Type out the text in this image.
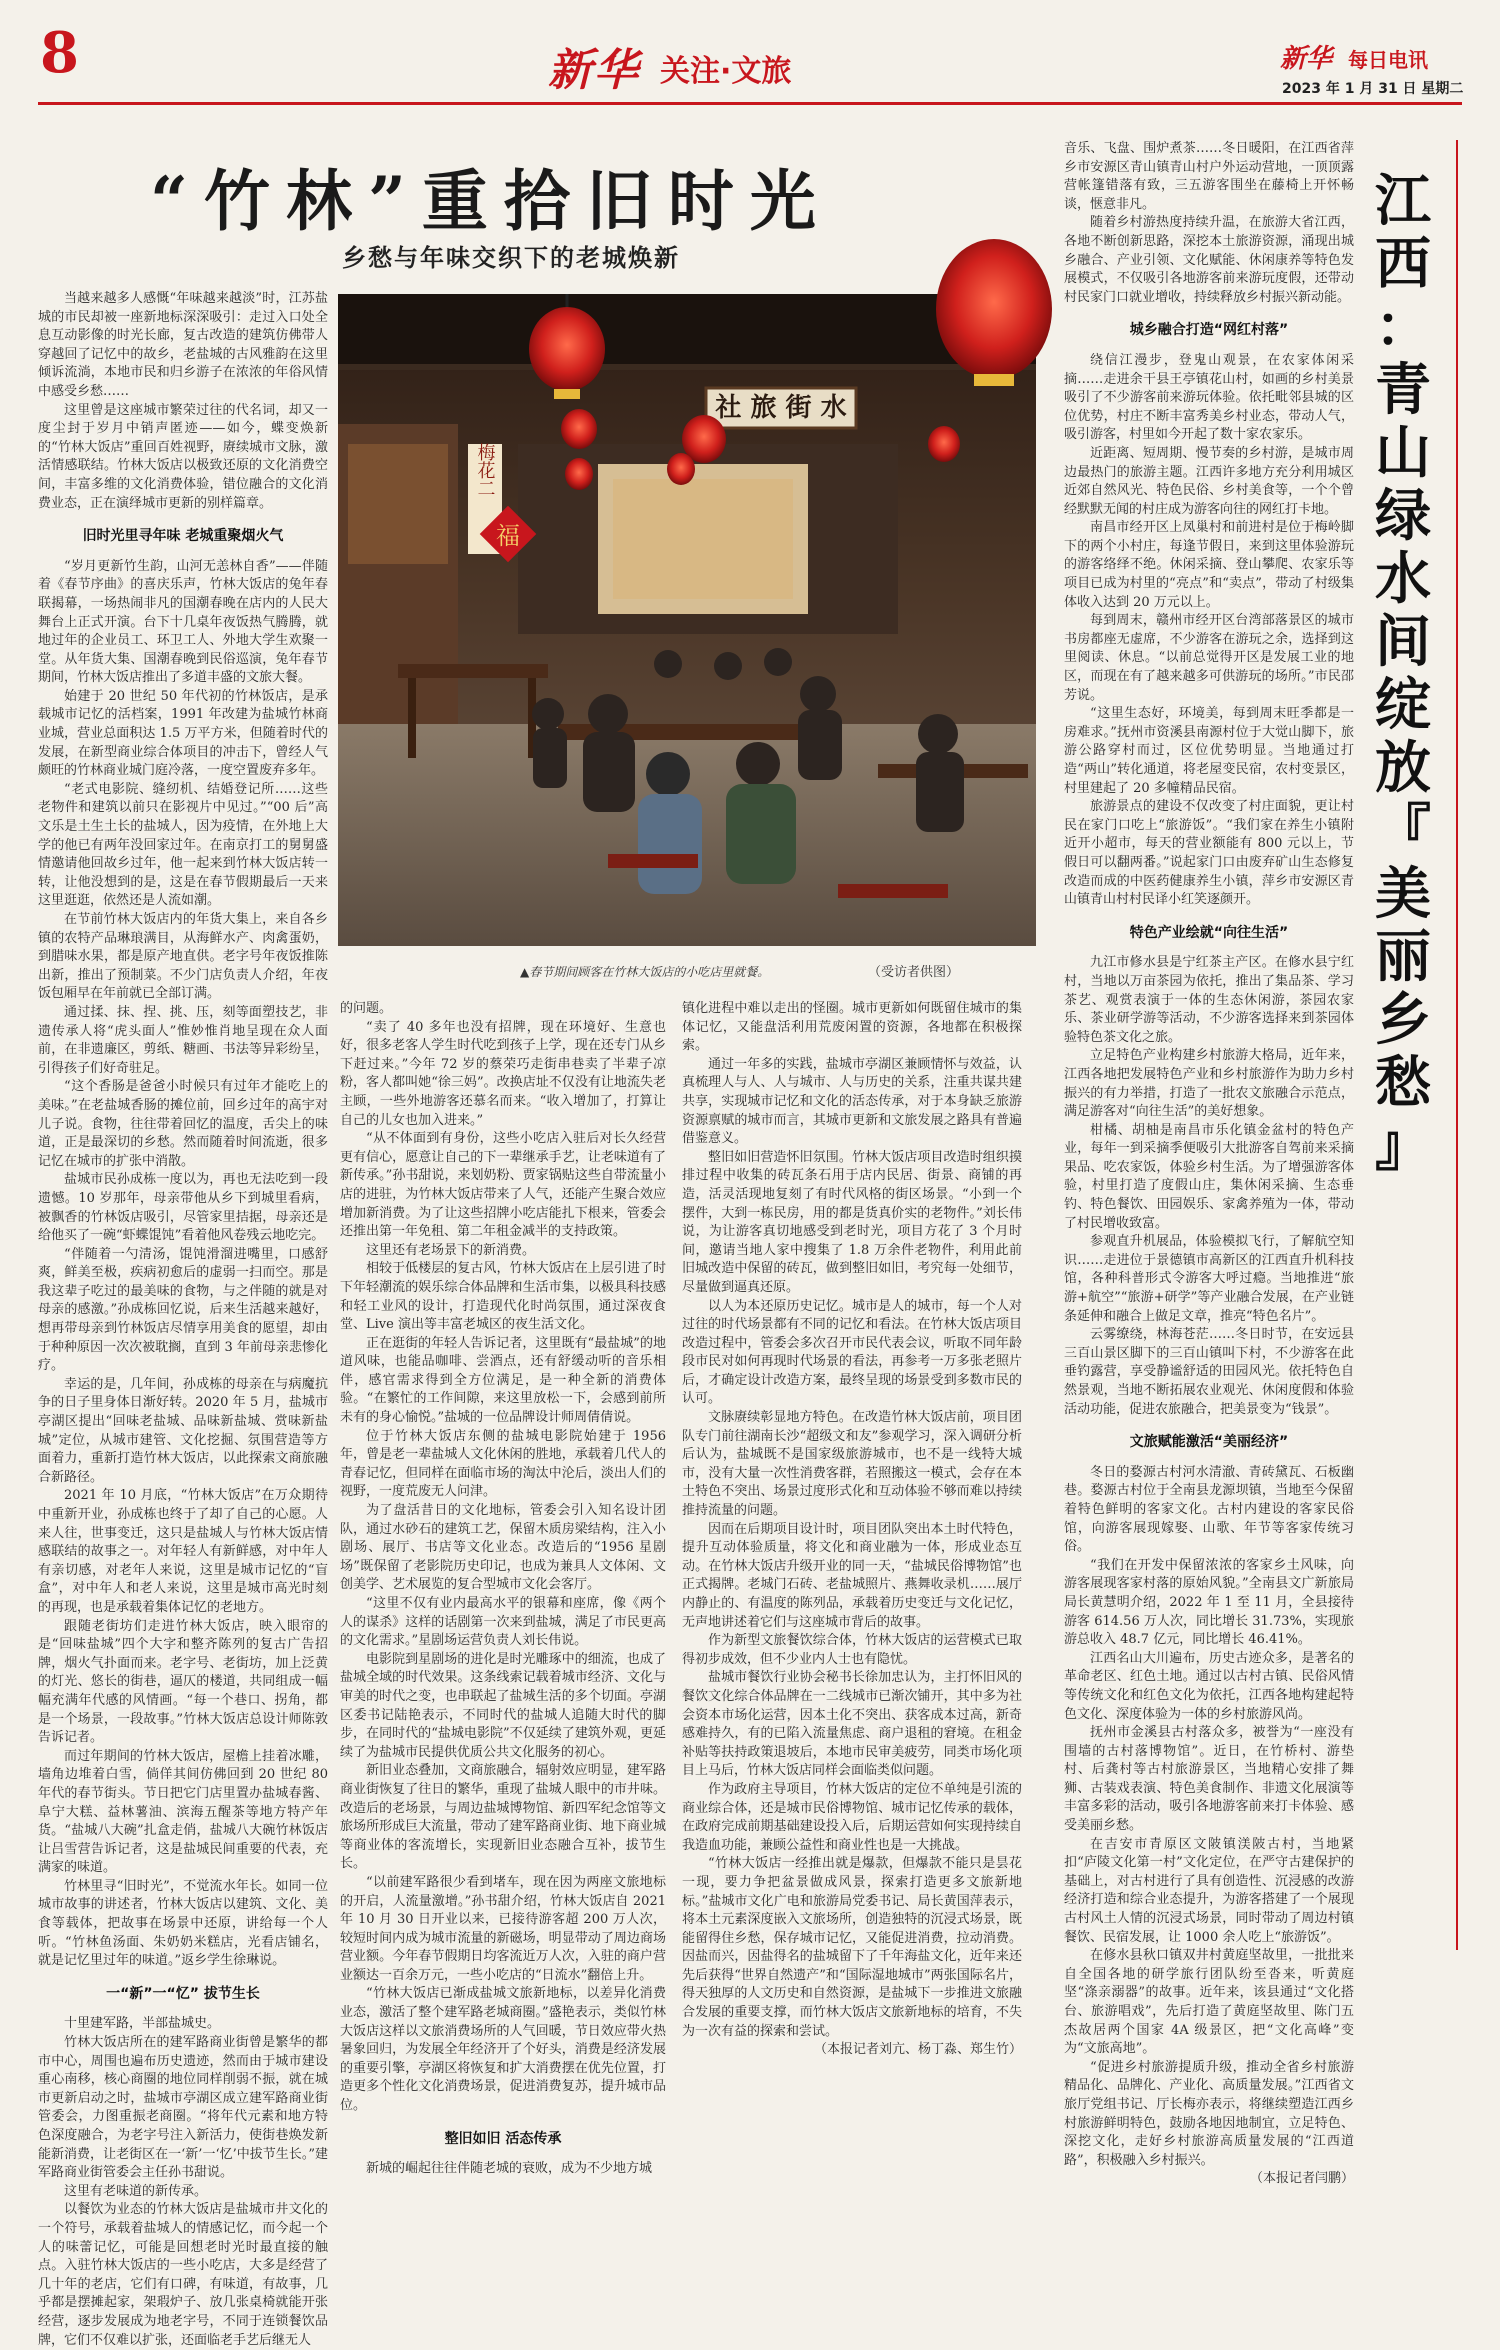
8	新华 关注·文旅	新华 每日电讯
2023 年 1 月 31 日 星期二
“竹林”重拾旧时光
乡愁与年味交织下的老城焕新
社 旅 街 水
梅花二
福
▲春节期间顾客在竹林大饭店的小吃店里就餐。	（受访者供图）

当越来越多人感慨“年味越来越淡”时，江苏盐城的市民却被一座新地标深深吸引：走过入口处全息互动影像的时光长廊，复古改造的建筑仿佛带人穿越回了记忆中的故乡，老盐城的古风雅韵在这里倾诉流淌，本地市民和归乡游子在浓浓的年俗风情中感受乡愁……

这里曾是这座城市繁荣过往的代名词，却又一度尘封于岁月中销声匿迹——如今，蝶变焕新的“竹林大饭店”重回百姓视野，赓续城市文脉，激活情感联结。竹林大饭店以极致还原的文化消费空间，丰富多维的文化消费体验，错位融合的文化消费业态，正在演绎城市更新的别样篇章。

旧时光里寻年味 老城重聚烟火气

“岁月更新竹生韵，山河无恙林自香”——伴随着《春节序曲》的喜庆乐声，竹林大饭店的兔年春联揭幕，一场热闹非凡的国潮春晚在店内的人民大舞台上正式开演。台下十几桌年夜饭热气腾腾，就地过年的企业员工、环卫工人、外地大学生欢聚一堂。从年货大集、国潮春晚到民俗巡演，兔年春节期间，竹林大饭店推出了多道丰盛的文旅大餐。

始建于 20 世纪 50 年代初的竹林饭店，是承载城市记忆的活档案，1991 年改建为盐城竹林商业城，营业总面积达 1.5 万平方米，但随着时代的发展，在新型商业综合体项目的冲击下，曾经人气颇旺的竹林商业城门庭冷落，一度空置废弃多年。

“老式电影院、缝纫机、结婚登记所……这些老物件和建筑以前只在影视片中见过。”“00 后”高文乐是土生土长的盐城人，因为疫情，在外地上大学的他已有两年没回家过年。在南京打工的舅舅盛情邀请他回故乡过年，他一起来到竹林大饭店转一转，让他没想到的是，这是在春节假期最后一天来这里逛逛，依然还是人流如潮。

在节前竹林大饭店内的年货大集上，来自各乡镇的农特产品琳琅满目，从海鲜水产、肉禽蛋奶，到腊味水果，都是原产地直供。老字号年夜饭推陈出新，推出了预制菜。不少门店负责人介绍，年夜饭包厢早在年前就已全部订满。

通过揉、抹、捏、挑、压，刻等面塑技艺，非遗传承人将“虎头面人”惟妙惟肖地呈现在众人面前，在非遗廉区，剪纸、糖画、书法等异彩纷呈，引得孩子们好奇驻足。

“这个香肠是爸爸小时候只有过年才能吃上的美味。”在老盐城香肠的摊位前，回乡过年的高宇对儿子说。食物，往往带着回忆的温度，舌尖上的味道，正是最深切的乡愁。然而随着时间流逝，很多记忆在城市的扩张中消散。

盐城市民孙成栋一度以为，再也无法吃到一段遗憾。10 岁那年，母亲带他从乡下到城里看病，被飘香的竹林饭店吸引，尽管家里拮据，母亲还是给他买了一碗“虾蝶馄饨”看着他风卷残云地吃完。

“伴随着一勺清汤，馄饨滑溜进嘴里，口感舒爽，鲜美至极，疾病初愈后的虚弱一扫而空。那是我这辈子吃过的最美味的食物，与之伴随的就是对母亲的感激。”孙成栋回忆说，后来生活越来越好，想再带母亲到竹林饭店尽情享用美食的愿望，却由于种种原因一次次被耽搁，直到 3 年前母亲悲惨化疗。

幸运的是，几年间，孙成栋的母亲在与病魔抗争的日子里身体日渐好转。2020 年 5 月，盐城市亭湖区提出“回味老盐城、品味新盐城、赏味新盐城”定位，从城市建管、文化挖掘、氛围营造等方面着力，重新打造竹林大饭店，以此探索文商旅融合新路径。

2021 年 10 月底，“竹林大饭店”在万众期待中重新开业，孙成栋也终于了却了自己的心愿。人来人往，世事变迁，这只是盐城人与竹林大饭店情感联结的故事之一。对年轻人有新鲜感，对中年人有亲切感，对老年人来说，这里是城市记忆的“盲盒”，对中年人和老人来说，这里是城市高光时刻的再现，也是承载着集体记忆的老地方。

跟随老街坊们走进竹林大饭店，映入眼帘的是“回味盐城”四个大字和整齐陈列的复古广告招牌，烟火气扑面而来。老字号、老街坊，加上泛黄的灯光、悠长的街巷，逼仄的楼道，共同组成一幅幅充满年代感的风情画。“每一个巷口、拐角，都是一个场景，一段故事。”竹林大饭店总设计师陈敦告诉记者。

而过年期间的竹林大饭店，屋檐上挂着冰雕，墙角边堆着白雪，倘佯其间仿佛回到 20 世纪 80 年代的春节街头。节日把它门店里置办盐城春酱、阜宁大糕、益林薯油、滨海五醒茶等地方特产年货。“盐城八大碗”扎盒走俏，盐城八大碗竹林饭店让吕雪营告诉记者，这是盐城民间重要的代表，充满家的味道。

竹林里寻“旧时光”，不觉流水年长。如同一位城市故事的讲述者，竹林大饭店以建筑、文化、美食等载体，把故事在场景中还原，讲给每一个人听。“竹林鱼汤面、朱奶奶米糕店，光看店铺名，就是记忆里过年的味道。”返乡学生徐琳说。

一“新”一“忆” 拔节生长

十里建军路，半部盐城史。

竹林大饭店所在的建军路商业街曾是繁华的都市中心，周围也遍布历史遗迹，然而由于城市建设重心南移，核心商圈的地位同样削弱不振，就在城市更新启动之时，盐城市亭湖区成立建军路商业街管委会，力图重振老商圈。“将年代元素和地方特色深度融合，为老字号注入新活力，使街巷焕发新能新消费，让老街区在一‘新’一‘忆’中拔节生长。”建军路商业街管委会主任孙书甜说。

这里有老味道的新传承。

以餐饮为业态的竹林大饭店是盐城市井文化的一个符号，承载着盐城人的情感记忆，而今起一个人的味蕾记忆，可能是回想老时光时最直接的触点。入驻竹林大饭店的一些小吃店，大多是经营了几十年的老店，它们有口碑，有味道，有故事，几乎都是摆摊起家，架瑕炉子、放几张桌椅就能开张经营，逐步发展成为地老字号，不同于连锁餐饮品牌，它们不仅难以扩张，还面临老手艺后继无人

的问题。

“卖了 40 多年也没有招牌，现在环境好、生意也好，很多老客人学生时代吃到孩子上学，现在还专门从乡下赶过来。”今年 72 岁的蔡荣巧走街串巷卖了半辈子凉粉，客人都叫她“徐三妈”。改换店址不仅没有让地流失老主顾，一些外地游客还慕名而来。“收入增加了，打算让自己的儿女也加入进来。”

“从不体面到有身份，这些小吃店入驻后对长久经营更有信心，愿意让自己的下一辈继承手艺，让老味道有了新传承。”孙书甜说，来划奶粉、贾家锅贴这些自带流量小店的进驻，为竹林大饭店带来了人气，还能产生聚合效应增加新消费。为了让这些招牌小吃店能扎下根来，管委会还推出第一年免租、第二年租金减半的支持政策。

这里还有老场景下的新消费。

相较于低楼层的复古风，竹林大饭店在上层引进了时下年轻潮流的娱乐综合体品牌和生活市集，以极具科技感和轻工业风的设计，打造现代化时尚氛围，通过深夜食堂、Live 演出等丰富老城区的夜生活文化。

正在逛街的年轻人告诉记者，这里既有“最盐城”的地道风味，也能品咖啡、尝酒点，还有舒缓动听的音乐相伴，感官需求得到全方位满足，是一种全新的消费体验。“在繁忙的工作间隙，来这里放松一下，会感到前所未有的身心愉悦。”盐城的一位品牌设计师周倩倩说。

位于竹林大饭店东侧的盐城电影院始建于 1956 年，曾是老一辈盐城人文化休闲的胜地，承载着几代人的青春记忆，但同样在面临市场的淘汰中沦后，淡出人们的视野，一度荒废无人问津。

为了盘活昔日的文化地标，管委会引入知名设计团队，通过水砂石的建筑工艺，保留木质房梁结构，注入小剧场、展厅、书店等文化业态。改造后的“1956 星剧场”既保留了老影院历史印记，也成为兼具人文体闲、文创美学、艺术展览的复合型城市文化会客厅。

“这里不仅有业内最高水平的银幕和座席，像《两个人的谋杀》这样的话剧第一次来到盐城，满足了市民更高的文化需求。”星剧场运营负责人刘长伟说。

电影院到星剧场的进化是时光雕琢中的细流，也成了盐城全域的时代效果。这条线索记载着城市经济、文化与审美的时代之变，也串联起了盐城生活的多个切面。亭湖区委书记陆艳表示，不同时代的盐城人追随大时代的脚步，在同时代的“盐城电影院”不仅延续了建筑外观，更延续了为盐城市民提供优质公共文化服务的初心。

新旧业态叠加，文商旅融合，辐射效应明显，建军路商业街恢复了往日的繁华，重现了盐城人眼中的市井味。改造后的老场景，与周边盐城博物馆、新四军纪念馆等文旅场所形成巨大流量，带动了建军路商业街、地下商业城等商业体的客流增长，实现新旧业态融合互补，拔节生长。

“以前建军路很少看到堵车，现在因为两座文旅地标的开启，人流量激增。”孙书甜介绍，竹林大饭店自 2021 年 10 月 30 日开业以来，已接待游客超 200 万人次，较短时间内成为城市流量的新磁场，明显带动了周边商场营业额。今年春节假期日均客流近万人次，入驻的商户营业额达一百余万元，一些小吃店的“日流水”翻倍上升。

“竹林大饭店已渐成盐城文旅新地标，以差异化消费业态，激活了整个建军路老城商圈。”盛艳表示，类似竹林大饭店这样以文旅消费场所的人气回暖，节日效应带火热暑象回归，为发展全年经济开了个好头，消费是经济发展的重要引擎，亭湖区将恢复和扩大消费摆在优先位置，打造更多个性化文化消费场景，促进消费复苏，提升城市品位。

整旧如旧 活态传承

新城的崛起往往伴随老城的衰败，成为不少地方城

镇化进程中难以走出的怪圈。城市更新如何既留住城市的集体记忆，又能盘活利用荒废闲置的资源，各地都在积极探索。

通过一年多的实践，盐城市亭湖区兼顾情怀与效益，认真梳理人与人、人与城市、人与历史的关系，注重共谋共建共享，实现城市记忆和文化的活态传承，对于本身缺乏旅游资源禀赋的城市而言，其城市更新和文旅发展之路具有普遍借鉴意义。

整旧如旧营造怀旧氛围。竹林大饭店项目改造时组织摸排过程中收集的砖瓦条石用于店内民居、街景、商铺的再造，活灵活现地复刻了有时代风格的街区场景。“小到一个摆件，大到一栋民房，用的都是货真价实的老物件。”刘长伟说，为让游客真切地感受到老时光，项目方花了 3 个月时间，邀请当地人家中搜集了 1.8 万余件老物件，利用此前旧城改造中保留的砖瓦，做到整旧如旧，考究每一处细节，尽量做到逼真还原。

以人为本还原历史记忆。城市是人的城市，每一个人对过往的时代场景都有不同的记忆和看法。在竹林大饭店项目改造过程中，管委会多次召开市民代表会议，听取不同年龄段市民对如何再现时代场景的看法，再参考一万多张老照片后，才确定设计改造方案，最终呈现的场景受到多数市民的认可。

文脉赓续彰显地方特色。在改造竹林大饭店前，项目团队专门前往湖南长沙“超级文和友”参观学习，深入调研分析后认为，盐城既不是国家级旅游城市，也不是一线特大城市，没有大量一次性消费客群，若照搬这一模式，会存在本土特色不突出、场景过度形式化和互动体验不够而难以持续推持流量的问题。

因而在后期项目设计时，项目团队突出本土时代特色，提升互动体验质量，将文化和商业融为一体，形成业态互动。在竹林大饭店升级开业的同一天，“盐城民俗博物馆”也正式揭牌。老城门石砖、老盐城照片、燕舞收录机……展厅内静止的、有温度的陈列品，承载着历史变迁与文化记忆，无声地讲述着它们与这座城市背后的故事。

作为新型文旅餐饮综合体，竹林大饭店的运营模式已取得初步成效，但不少业内人士也有隐忧。

盐城市餐饮行业协会秘书长徐加忠认为，主打怀旧风的餐饮文化综合体品牌在一二线城市已渐次铺开，其中多为社会资本市场化运营，因本土化不突出、获客成本过高，新奇感难持久，有的已陷入流量焦虑、商户退租的窘境。在租金补贴等扶持政策退坡后，本地市民审美疲劳，同类市场化项目上马后，竹林大饭店同样会面临类似问题。

作为政府主导项目，竹林大饭店的定位不单纯是引流的商业综合体，还是城市民俗博物馆、城市记忆传承的载体，在政府完成前期基础建设投入后，后期运营如何实现持续自我造血功能，兼顾公益性和商业性也是一大挑战。

“竹林大饭店一经推出就是爆款，但爆款不能只是昙花一现，要力争把盆景做成风景，探索打造更多文旅新地标。”盐城市文化广电和旅游局党委书记、局长黄国萍表示，将本土元素深度嵌入文旅场所，创造独特的沉浸式场景，既能留得住乡愁，保存城市记忆，又能促进消费，拉动消费。因盐而兴，因盐得名的盐城留下了千年海盐文化，近年来还先后获得“世界自然遗产”和“国际湿地城市”两张国际名片，得天独厚的人文历史和自然资源，是盐城下一步推进文旅融合发展的重要支撑，而竹林大饭店文旅新地标的培育，不失为一次有益的探索和尝试。

（本报记者刘亢、杨丁淼、郑生竹）

音乐、飞盘、围炉煮茶……冬日暖阳，在江西省萍乡市安源区青山镇青山村户外运动营地，一顶顶露营帐篷错落有致，三五游客围坐在藤椅上开怀畅谈，惬意非凡。

随着乡村游热度持续升温，在旅游大省江西，各地不断创新思路，深挖本土旅游资源，涌现出城乡融合、产业引领、文化赋能、休闲康养等特色发展模式，不仅吸引各地游客前来游玩度假，还带动村民家门口就业增收，持续释放乡村振兴新动能。

城乡融合打造“网红村落”

绕信江漫步，登鬼山观景，在农家体闲采摘……走进余干县王亭镇花山村，如画的乡村美景吸引了不少游客前来游玩体验。依托毗邻县城的区位优势，村庄不断丰富秀美乡村业态，带动人气，吸引游客，村里如今开起了数十家农家乐。

近距离、短周期、慢节奏的乡村游，是城市周边最热门的旅游主题。江西许多地方充分利用城区近郊自然风光、特色民俗、乡村美食等，一个个曾经默默无闻的村庄成为游客向往的网红打卡地。

南昌市经开区上凤巢村和前进村是位于梅岭脚下的两个小村庄，每逢节假日，来到这里体验游玩的游客络绎不绝。休闲采摘、登山攀爬、农家乐等项目已成为村里的“亮点”和“卖点”，带动了村级集体收入达到 20 万元以上。

每到周末，赣州市经开区台湾部落景区的城市书房都座无虚席，不少游客在游玩之余，选择到这里阅读、休息。“以前总觉得开区是发展工业的地区，而现在有了越来越多可供游玩的场所。”市民邵芳说。

“这里生态好，环境美，每到周末旺季都是一房难求。”抚州市资溪县南源村位于大觉山脚下，旅游公路穿村而过，区位优势明显。当地通过打造“两山”转化通道，将老屋变民宿，农村变景区，村里建起了 20 多幢精品民宿。

旅游景点的建设不仅改变了村庄面貌，更让村民在家门口吃上“旅游饭”。“我们家在养生小镇附近开小超市，每天的营业额能有 800 元以上，节假日可以翻两番。”说起家门口由废弃矿山生态修复改造而成的中医药健康养生小镇，萍乡市安源区青山镇青山村村民译小红笑逐颜开。

特色产业绘就“向往生活”

九江市修水县是宁红茶主产区。在修水县宁红村，当地以万亩茶园为依托，推出了集品茶、学习茶艺、观赏表演于一体的生态休闲游，茶园农家乐、茶业研学游等活动，不少游客选择来到茶园体验特色茶文化之旅。

立足特色产业构建乡村旅游大格局，近年来，江西各地把发展特色产业和乡村旅游作为助力乡村振兴的有力举措，打造了一批农文旅融合示范点，满足游客对“向往生活”的美好想象。

柑橘、胡柚是南昌市乐化镇金盆村的特色产业，每年一到采摘季便吸引大批游客自驾前来采摘果品、吃农家饭，体验乡村生活。为了增强游客体验，村里打造了度假山庄，集休闲采摘、生态垂钓、特色餐饮、田园娱乐、家禽养殖为一体，带动了村民增收致富。

参观直升机展品，体验模拟飞行，了解航空知识……走进位于景德镇市高新区的江西直升机科技馆，各种科普形式令游客大呼过瘾。当地推进“旅游+航空”“旅游+研学”等产业融合发展，在产业链条延伸和融合上做足文章，推亮“特色名片”。

云雾缭绕，林海苍茫……冬日时节，在安远县三百山景区脚下的三百山镇叫下村，不少游客在此垂钓露营，享受静谧舒适的田园风光。依托特色自然景观，当地不断拓展农业观光、休闲度假和体验活动功能，促进农旅融合，把美景变为“钱景”。

文旅赋能激活“美丽经济”

冬日的婺源古村河水清澈、青砖黛瓦、石板幽巷。婺源古村位于全南县龙源坝镇，当地至今保留着特色鲜明的客家文化。古村内建设的客家民俗馆，向游客展现嫁娶、山歌、年节等客家传统习俗。

“我们在开发中保留浓浓的客家乡土风味，向游客展现客家村落的原始风貌。”全南县文广新旅局局长黄慧明介绍，2022 年 1 至 11 月，全县接待游客 614.56 万人次，同比增长 31.73%，实现旅游总收入 48.7 亿元，同比增长 46.41%。

江西名山大川遍布，历史古迹众多，是著名的革命老区、红色土地。通过以古村古镇、民俗风情等传统文化和红色文化为依托，江西各地构建起特色文化、深度体验为一体的乡村旅游风尚。

抚州市金溪县古村落众多，被誉为“一座没有围墙的古村落博物馆”。近日，在竹桥村、游垫村、后龚村等古村旅游景区，当地精心安排了舞狮、古装戏表演、特色美食制作、非遗文化展演等丰富多彩的活动，吸引各地游客前来打卡体验、感受美丽乡愁。

在吉安市青原区文陂镇渼陂古村，当地紧扣“庐陵文化第一村”文化定位，在严守古建保护的基础上，对古村进行了具有创造性、沉浸感的改游经济打造和综合业态提升，为游客搭建了一个展现古村风土人情的沉浸式场景，同时带动了周边村镇餐饮、民宿发展，让 1000 余人吃上“旅游饭”。

在修水县秋口镇双井村黄庭坚故里，一批批来自全国各地的研学旅行团队纷至沓来，听黄庭坚“涤亲溺器”的故事。近年来，该县通过“文化搭台、旅游唱戏”，先后打造了黄庭坚故里、陈门五杰故居两个国家 4A 级景区，把“文化高峰”变为“文旅高地”。

“促进乡村旅游提质升级，推动全省乡村旅游精品化、品牌化、产业化、高质量发展。”江西省文旅厅党组书记、厅长梅亦表示，将继续塑造江西乡村旅游鲜明特色，鼓励各地因地制宜，立足特色、深挖文化，走好乡村旅游高质量发展的“江西道路”，积极融入乡村振兴。

（本报记者闫鹏）

江
西
：
青
山
绿
水
间
绽
放
『
美
丽
乡
愁
』
